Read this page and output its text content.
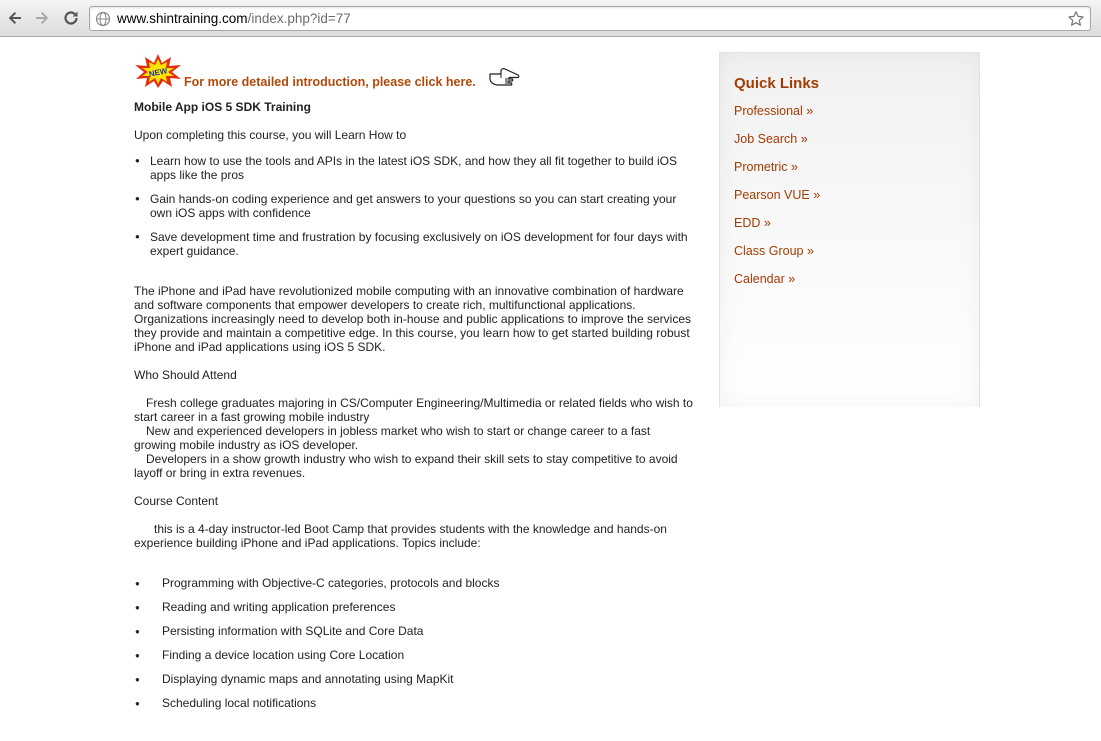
www.shintraining.com/index.php?id=77
NEW
For more detailed introduction, please click here.
Mobile App iOS 5 SDK Training
Upon completing this course, you will Learn How to
● Learn how to use the tools and APIs in the latest iOS SDK, and how they all fit together to build iOS apps like the pros
● Gain hands-on coding experience and get answers to your questions so you can start creating your own iOS apps with confidence
● Save development time and frustration by focusing exclusively on iOS development for four days with expert guidance.
The iPhone and iPad have revolutionized mobile computing with an innovative combination of hardware and software components that empower developers to create rich, multifunctional applications. Organizations increasingly need to develop both in-house and public applications to improve the services they provide and maintain a competitive edge. In this course, you learn how to get started building robust iPhone and iPad applications using iOS 5 SDK.
Who Should Attend
Fresh college graduates majoring in CS/Computer Engineering/Multimedia or related fields who wish to start career in a fast growing mobile industry
New and experienced developers in jobless market who wish to start or change career to a fast growing mobile industry as iOS developer.
Developers in a show growth industry who wish to expand their skill sets to stay competitive to avoid layoff or bring in extra revenues.
Course Content
this is a 4-day instructor-led Boot Camp that provides students with the knowledge and hands-on experience building iPhone and iPad applications. Topics include:
● Programming with Objective-C categories, protocols and blocks
● Reading and writing application preferences
● Persisting information with SQLite and Core Data
● Finding a device location using Core Location
● Displaying dynamic maps and annotating using MapKit
● Scheduling local notifications
Quick Links
Professional »
Job Search »
Prometric »
Pearson VUE »
EDD »
Class Group »
Calendar »
